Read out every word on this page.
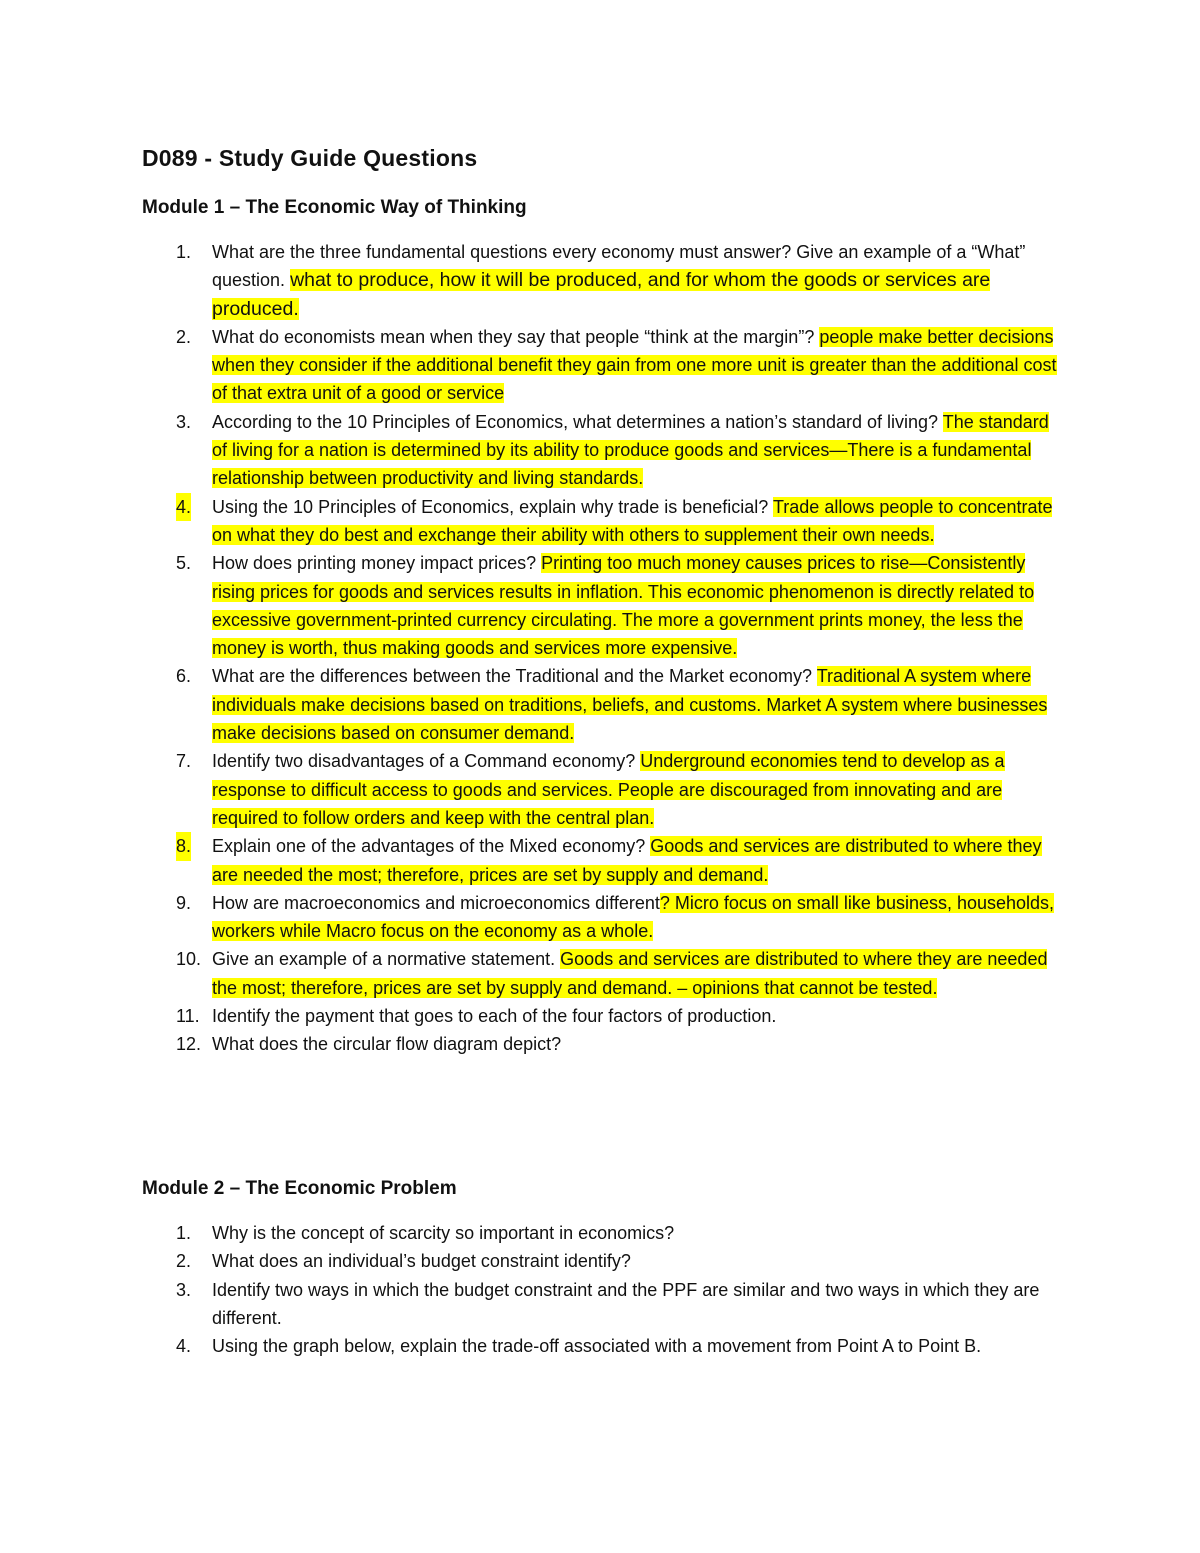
D089 - Study Guide Questions
Module 1 – The Economic Way of Thinking
1. What are the three fundamental questions every economy must answer? Give an example of a “What” question. what to produce, how it will be produced, and for whom the goods or services are produced.
2. What do economists mean when they say that people “think at the margin”? people make better decisions when they consider if the additional benefit they gain from one more unit is greater than the additional cost of that extra unit of a good or service
3. According to the 10 Principles of Economics, what determines a nation’s standard of living? The standard of living for a nation is determined by its ability to produce goods and services—There is a fundamental relationship between productivity and living standards.
4. Using the 10 Principles of Economics, explain why trade is beneficial? Trade allows people to concentrate on what they do best and exchange their ability with others to supplement their own needs.
5. How does printing money impact prices? Printing too much money causes prices to rise—Consistently rising prices for goods and services results in inflation. This economic phenomenon is directly related to excessive government-printed currency circulating. The more a government prints money, the less the money is worth, thus making goods and services more expensive.
6. What are the differences between the Traditional and the Market economy? Traditional A system where individuals make decisions based on traditions, beliefs, and customs. Market A system where businesses make decisions based on consumer demand.
7. Identify two disadvantages of a Command economy? Underground economies tend to develop as a response to difficult access to goods and services. People are discouraged from innovating and are required to follow orders and keep with the central plan.
8. Explain one of the advantages of the Mixed economy? Goods and services are distributed to where they are needed the most; therefore, prices are set by supply and demand.
9. How are macroeconomics and microeconomics different? Micro focus on small like business, households, workers while Macro focus on the economy as a whole.
10. Give an example of a normative statement. Goods and services are distributed to where they are needed the most; therefore, prices are set by supply and demand. – opinions that cannot be tested.
11. Identify the payment that goes to each of the four factors of production.
12. What does the circular flow diagram depict?
Module 2 – The Economic Problem
1. Why is the concept of scarcity so important in economics?
2. What does an individual’s budget constraint identify?
3. Identify two ways in which the budget constraint and the PPF are similar and two ways in which they are different.
4. Using the graph below, explain the trade-off associated with a movement from Point A to Point B.
